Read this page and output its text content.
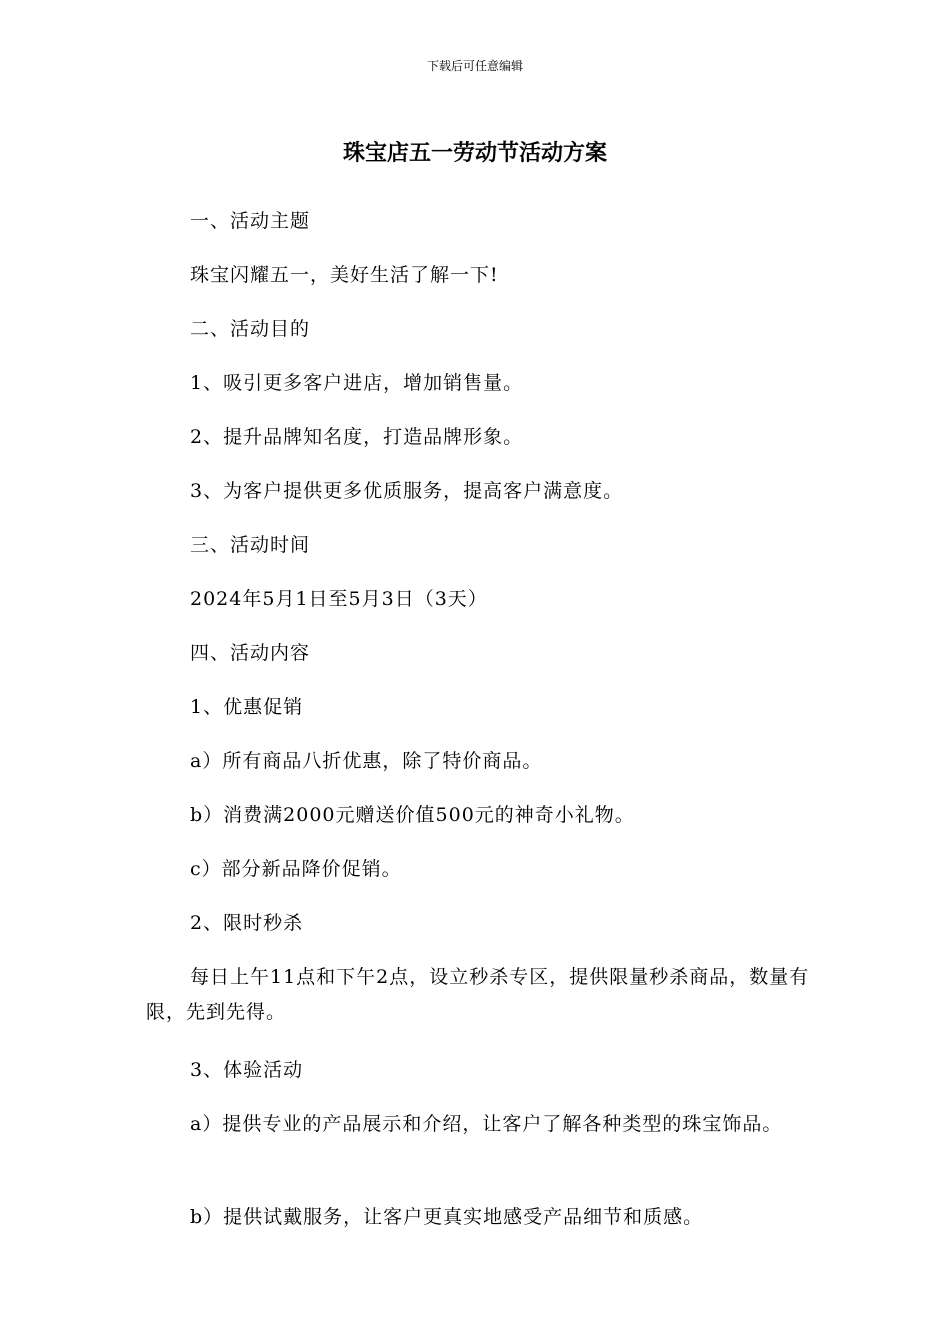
下载后可任意编辑
珠宝店五一劳动节活动方案
一、活动主题
珠宝闪耀五一，美好生活了解一下!
二、活动目的
1、吸引更多客户进店，增加销售量。
2、提升品牌知名度，打造品牌形象。
3、为客户提供更多优质服务，提高客户满意度。
三、活动时间
2024年5月1日至5月3日（3天）
四、活动内容
1、优惠促销
a）所有商品八折优惠，除了特价商品。
b）消费满2000元赠送价值500元的神奇小礼物。
c）部分新品降价促销。
2、限时秒杀
每日上午11点和下午2点，设立秒杀专区，提供限量秒杀商品，数量有限，先到先得。
3、体验活动
a）提供专业的产品展示和介绍，让客户了解各种类型的珠宝饰品。
b）提供试戴服务，让客户更真实地感受产品细节和质感。
